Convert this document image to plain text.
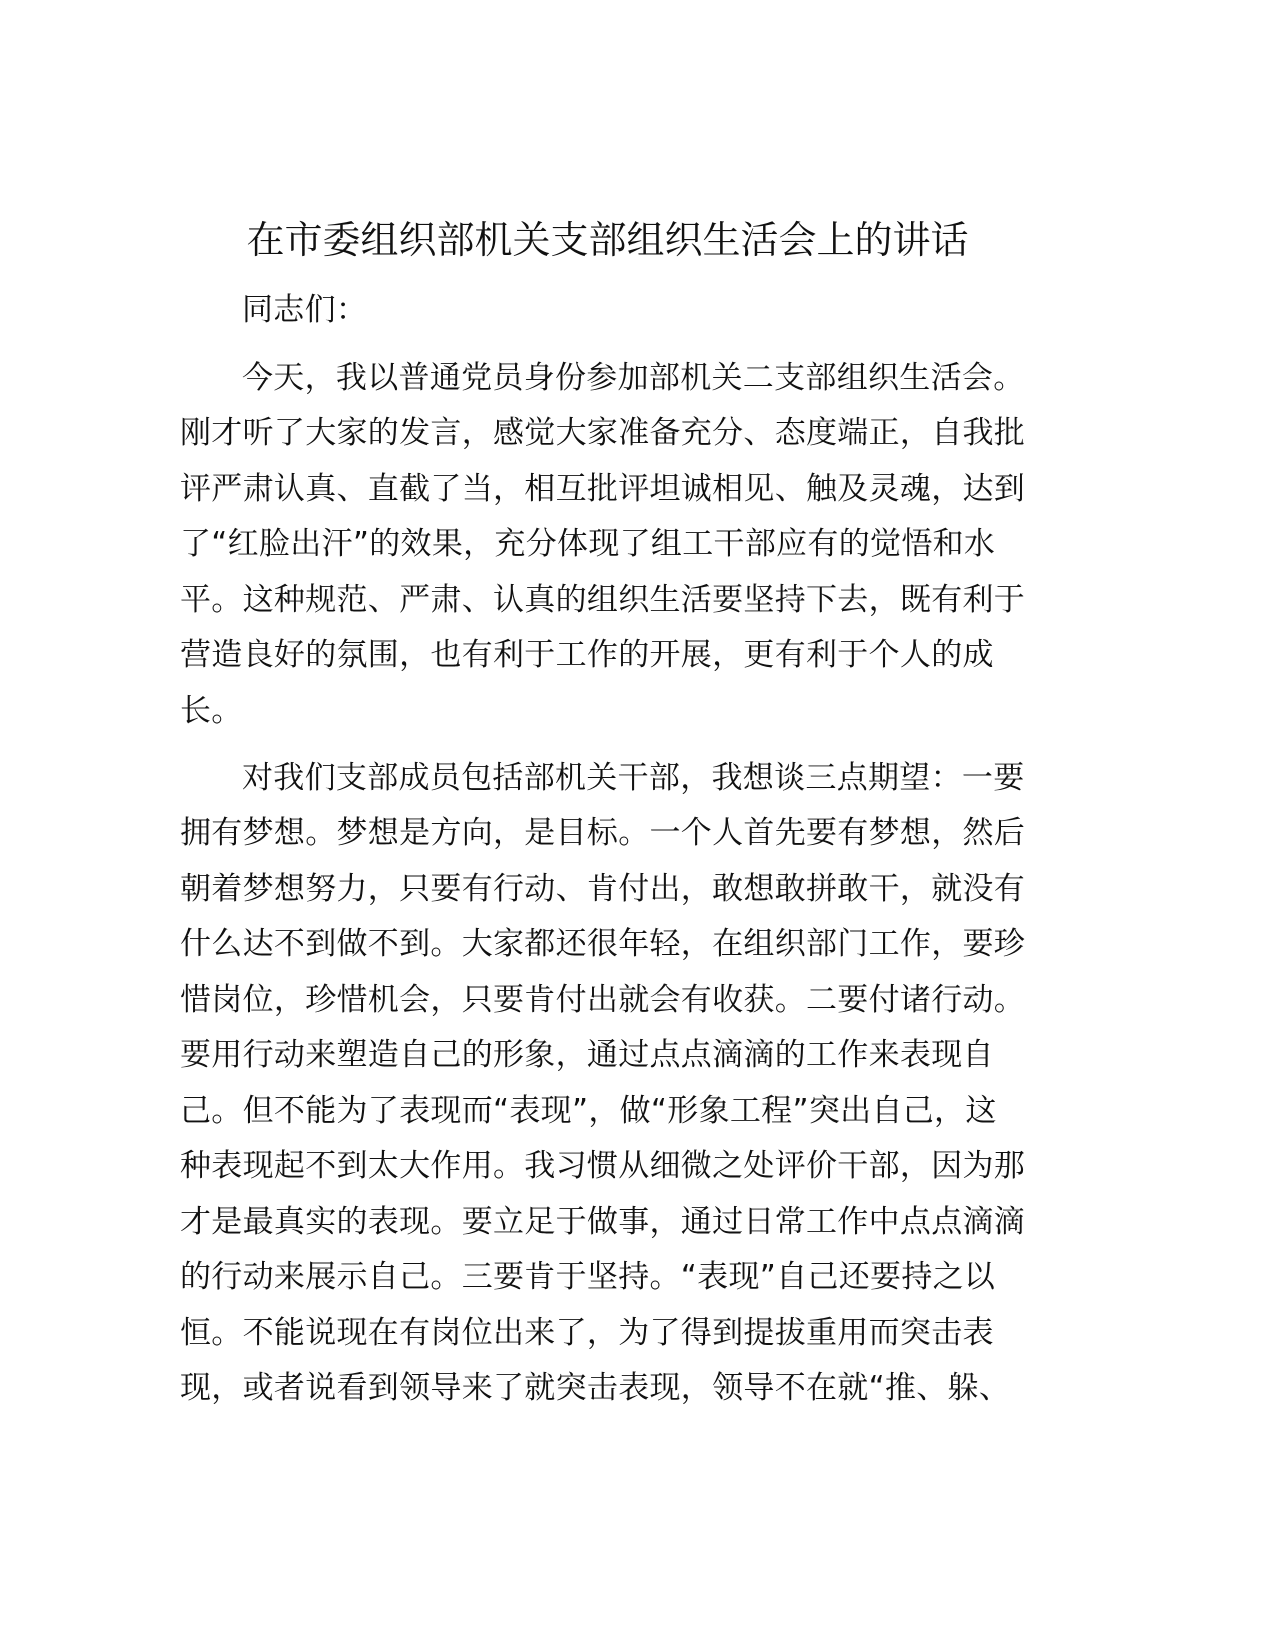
在市委组织部机关支部组织生活会上的讲话
同志们：
今天，我以普通党员身份参加部机关二支部组织生活会。
刚才听了大家的发言，感觉大家准备充分、态度端正，自我批
评严肃认真、直截了当，相互批评坦诚相见、触及灵魂，达到
了“红脸出汗”的效果，充分体现了组工干部应有的觉悟和水
平。这种规范、严肃、认真的组织生活要坚持下去，既有利于
营造良好的氛围，也有利于工作的开展，更有利于个人的成
长。
对我们支部成员包括部机关干部，我想谈三点期望：一要
拥有梦想。梦想是方向，是目标。一个人首先要有梦想，然后
朝着梦想努力，只要有行动、肯付出，敢想敢拼敢干，就没有
什么达不到做不到。大家都还很年轻，在组织部门工作，要珍
惜岗位，珍惜机会，只要肯付出就会有收获。二要付诸行动。
要用行动来塑造自己的形象，通过点点滴滴的工作来表现自
己。但不能为了表现而“表现”，做“形象工程”突出自己，这
种表现起不到太大作用。我习惯从细微之处评价干部，因为那
才是最真实的表现。要立足于做事，通过日常工作中点点滴滴
的行动来展示自己。三要肯于坚持。“表现”自己还要持之以
恒。不能说现在有岗位出来了，为了得到提拔重用而突击表
现，或者说看到领导来了就突击表现，领导不在就“推、躲、
